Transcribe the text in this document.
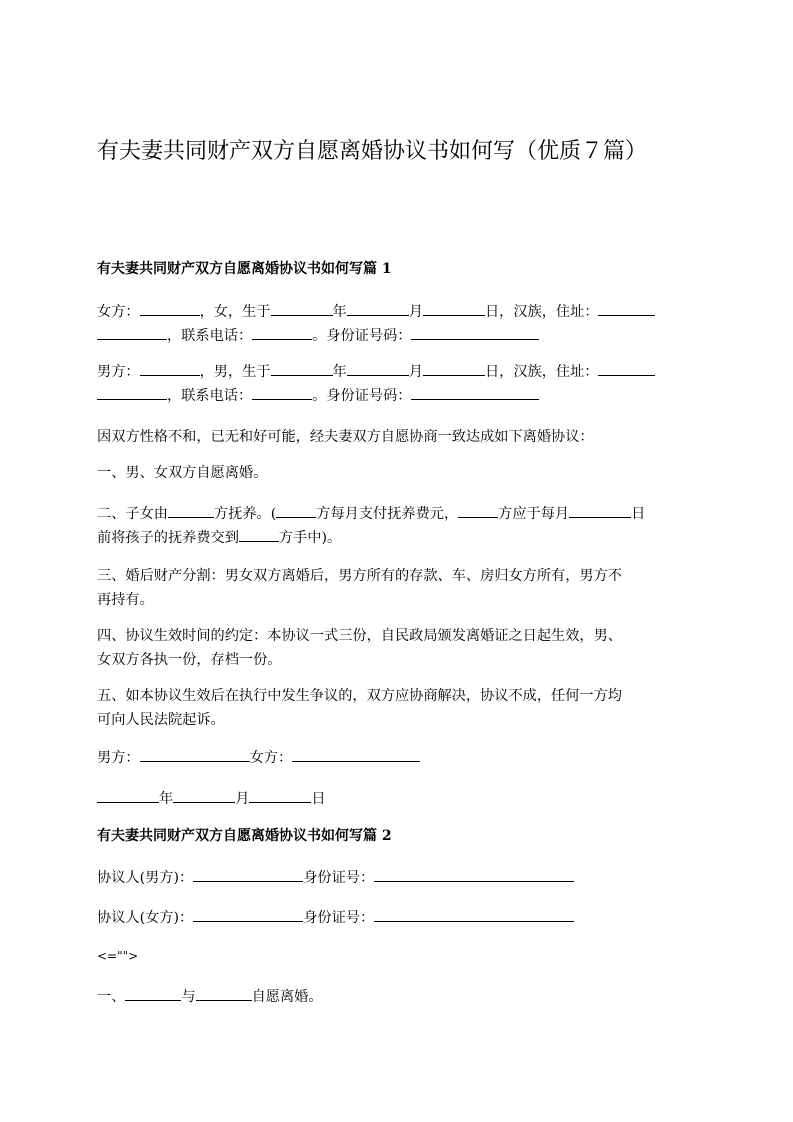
有夫妻共同财产双方自愿离婚协议书如何写（优质７篇）
有夫妻共同财产双方自愿离婚协议书如何写篇 1
女方：	，女，生于	年	月	日，汉族，住址：
，联系电话：	。身份证号码：
男方：	，男，生于	年	月	日，汉族，住址：
，联系电话：	。身份证号码：
因双方性格不和，已无和好可能，经夫妻双方自愿协商一致达成如下离婚协议：
一、男、女双方自愿离婚。
二、子女由	方抚养。(	方每月支付抚养费元，	方应于每月	日
前将孩子的抚养费交到	方手中)。
三、婚后财产分割：男女双方离婚后，男方所有的存款、车、房归女方所有，男方不
再持有。
四、协议生效时间的约定：本协议一式三份，自民政局颁发离婚证之日起生效，男、
女双方各执一份，存档一份。
五、如本协议生效后在执行中发生争议的，双方应协商解决，协议不成，任何一方均
可向人民法院起诉。
男方：	女方：
年	月	日
有夫妻共同财产双方自愿离婚协议书如何写篇 2
协议人(男方)：	身份证号：
协议人(女方)：	身份证号：
<="">
一、	与	自愿离婚。
